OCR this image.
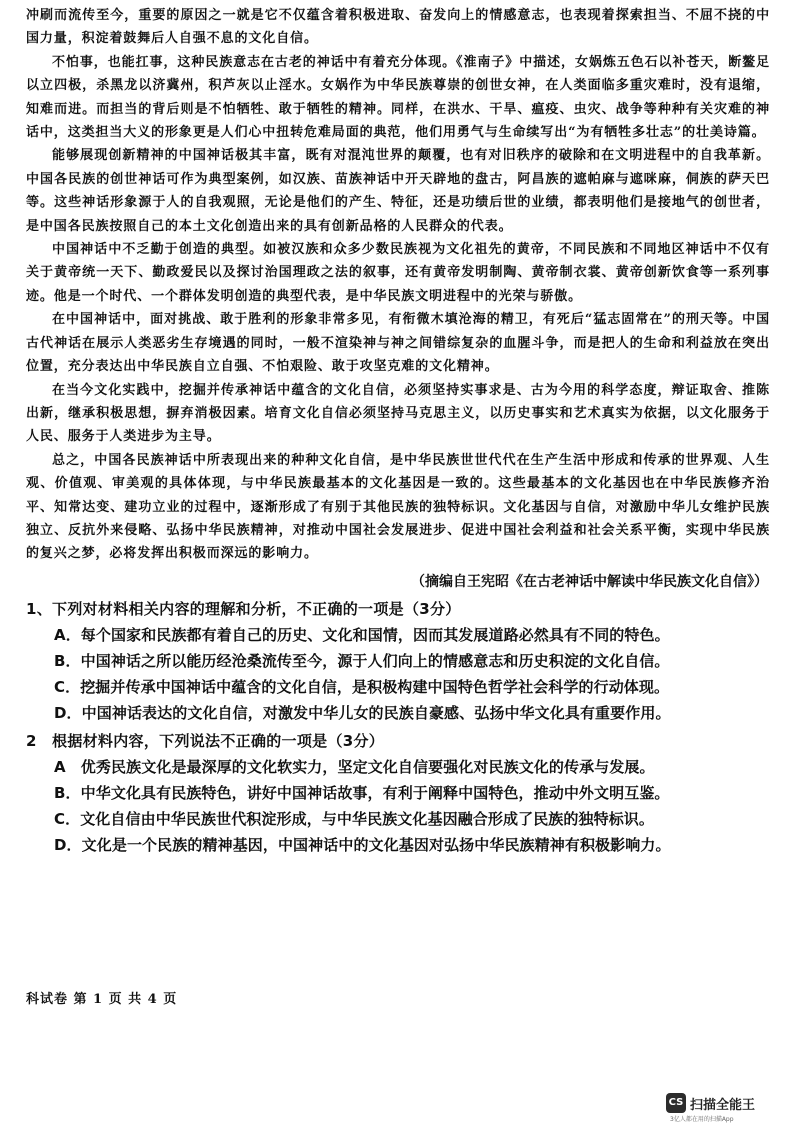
冲刷而流传至今，重要的原因之一就是它不仅蕴含着积极进取、奋发向上的情感意志，也表现着探索担当、不屈不挠的中国力量，积淀着鼓舞后人自强不息的文化自信。

不怕事，也能扛事，这种民族意志在古老的神话中有着充分体现。《淮南子》中描述，女娲炼五色石以补苍天，断鳌足以立四极，杀黑龙以济冀州，积芦灰以止淫水。女娲作为中华民族尊崇的创世女神，在人类面临多重灾难时，没有退缩，知难而进。而担当的背后则是不怕牺牲、敢于牺牲的精神。同样，在洪水、干旱、瘟疫、虫灾、战争等种种有关灾难的神话中，这类担当大义的形象更是人们心中扭转危难局面的典范，他们用勇气与生命续写出“为有牺牲多壮志”的壮美诗篇。

能够展现创新精神的中国神话极其丰富，既有对混沌世界的颠覆，也有对旧秩序的破除和在文明进程中的自我革新。中国各民族的创世神话可作为典型案例，如汉族、苗族神话中开天辟地的盘古，阿昌族的遮帕麻与遮咪麻，侗族的萨天巴等。这些神话形象源于人的自我观照，无论是他们的产生、特征，还是功绩后世的业绩，都表明他们是接地气的创世者，是中国各民族按照自己的本土文化创造出来的具有创新品格的人民群众的代表。

中国神话中不乏勤于创造的典型。如被汉族和众多少数民族视为文化祖先的黄帝，不同民族和不同地区神话中不仅有关于黄帝统一天下、勤政爱民以及探讨治国理政之法的叙事，还有黄帝发明制陶、黄帝制衣裳、黄帝创新饮食等一系列事迹。他是一个时代、一个群体发明创造的典型代表，是中华民族文明进程中的光荣与骄傲。

在中国神话中，面对挑战、敢于胜利的形象非常多见，有衔微木填沧海的精卫，有死后“猛志固常在”的刑天等。中国古代神话在展示人类恶劣生存境遇的同时，一般不渲染神与神之间错综复杂的血腥斗争，而是把人的生命和利益放在突出位置，充分表达出中华民族自立自强、不怕艰险、敢于攻坚克难的文化精神。

在当今文化实践中，挖掘并传承神话中蕴含的文化自信，必须坚持实事求是、古为今用的科学态度，辩证取舍、推陈出新，继承积极思想，摒弃消极因素。培育文化自信必须坚持马克思主义，以历史事实和艺术真实为依据，以文化服务于人民、服务于人类进步为主导。

总之，中国各民族神话中所表现出来的种种文化自信，是中华民族世世代代在生产生活中形成和传承的世界观、人生观、价值观、审美观的具体体现，与中华民族最基本的文化基因是一致的。这些最基本的文化基因也在中华民族修齐治平、知常达变、建功立业的过程中，逐渐形成了有别于其他民族的独特标识。文化基因与自信，对激励中华儿女维护民族独立、反抗外来侵略、弘扬中华民族精神，对推动中国社会发展进步、促进中国社会利益和社会关系平衡，实现中华民族的复兴之梦，必将发挥出积极而深远的影响力。

（摘编自王宪昭《在古老神话中解读中华民族文化自信》）

1、下列对材料相关内容的理解和分析，不正确的一项是（3分）

A．每个国家和民族都有着自己的历史、文化和国情，因而其发展道路必然具有不同的特色。

B．中国神话之所以能历经沧桑流传至今，源于人们向上的情感意志和历史积淀的文化自信。

C．挖掘并传承中国神话中蕴含的文化自信，是积极构建中国特色哲学社会科学的行动体现。

D．中国神话表达的文化自信，对激发中华儿女的民族自豪感、弘扬中华文化具有重要作用。

2　根据材料内容，下列说法不正确的一项是（3分）

A　优秀民族文化是最深厚的文化软实力，坚定文化自信要强化对民族文化的传承与发展。

B．中华文化具有民族特色，讲好中国神话故事，有利于阐释中国特色，推动中外文明互鉴。

C．文化自信由中华民族世代积淀形成，与中华民族文化基因融合形成了民族的独特标识。

D．文化是一个民族的精神基因，中国神话中的文化基因对弘扬中华民族精神有积极影响力。

科试卷 第 1 页 共 4 页
CS 扫描全能王
3亿人都在用的扫描App
